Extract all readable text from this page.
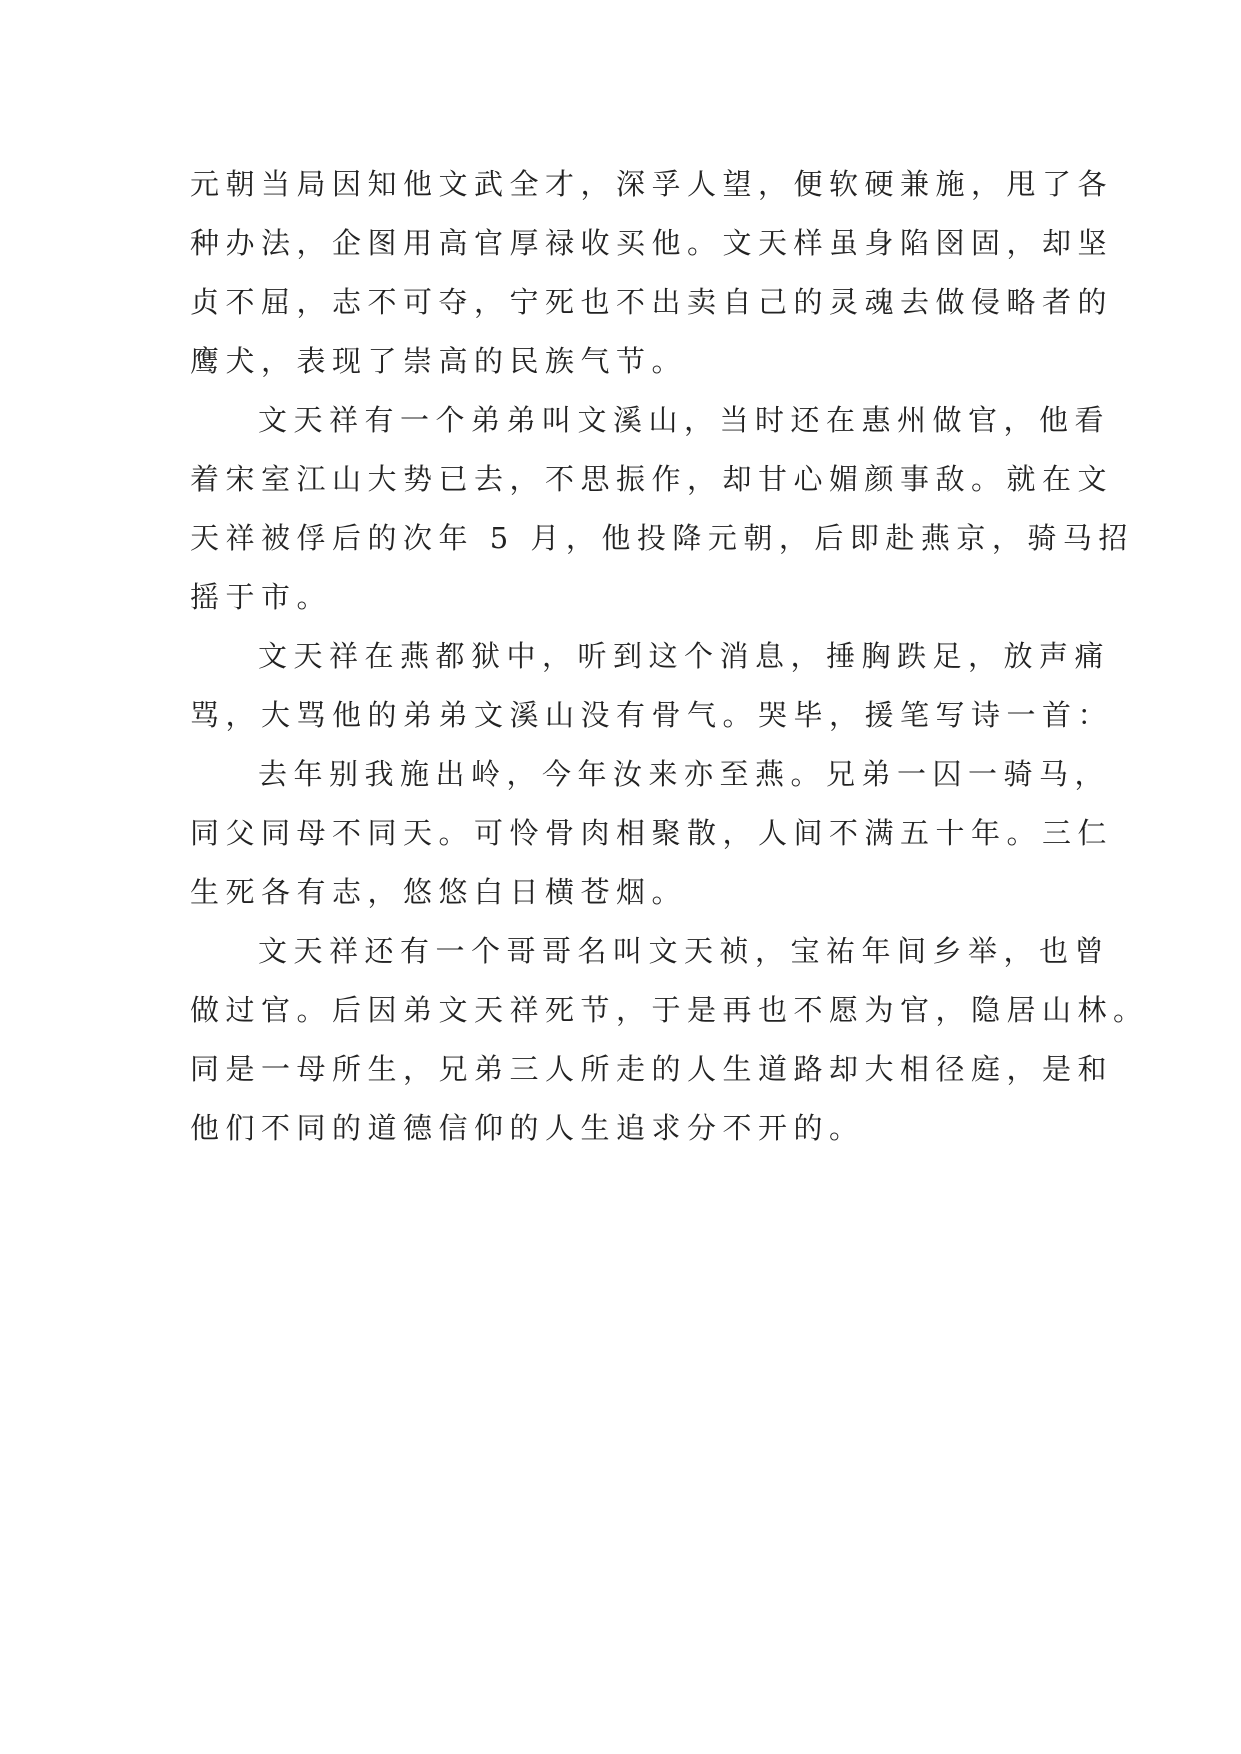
元朝当局因知他文武全才，深孚人望，便软硬兼施，甩了各
种办法，企图用高官厚禄收买他。文天样虽身陷囹固，却坚
贞不屈，志不可夺，宁死也不出卖自己的灵魂去做侵略者的
鹰犬，表现了崇高的民族气节。
文天祥有一个弟弟叫文溪山，当时还在惠州做官，他看
着宋室江山大势已去，不思振作，却甘心媚颜事敌。就在文
天祥被俘后的次年 5 月，他投降元朝，后即赴燕京，骑马招
摇于市。
文天祥在燕都狱中，听到这个消息，捶胸跌足，放声痛
骂，大骂他的弟弟文溪山没有骨气。哭毕，援笔写诗一首：
去年别我施出岭，今年汝来亦至燕。兄弟一囚一骑马，
同父同母不同天。可怜骨肉相聚散，人间不满五十年。三仁
生死各有志，悠悠白日横苍烟。
文天祥还有一个哥哥名叫文天祯，宝祐年间乡举，也曾
做过官。后因弟文天祥死节，于是再也不愿为官，隐居山林。
同是一母所生，兄弟三人所走的人生道路却大相径庭，是和
他们不同的道德信仰的人生追求分不开的。
